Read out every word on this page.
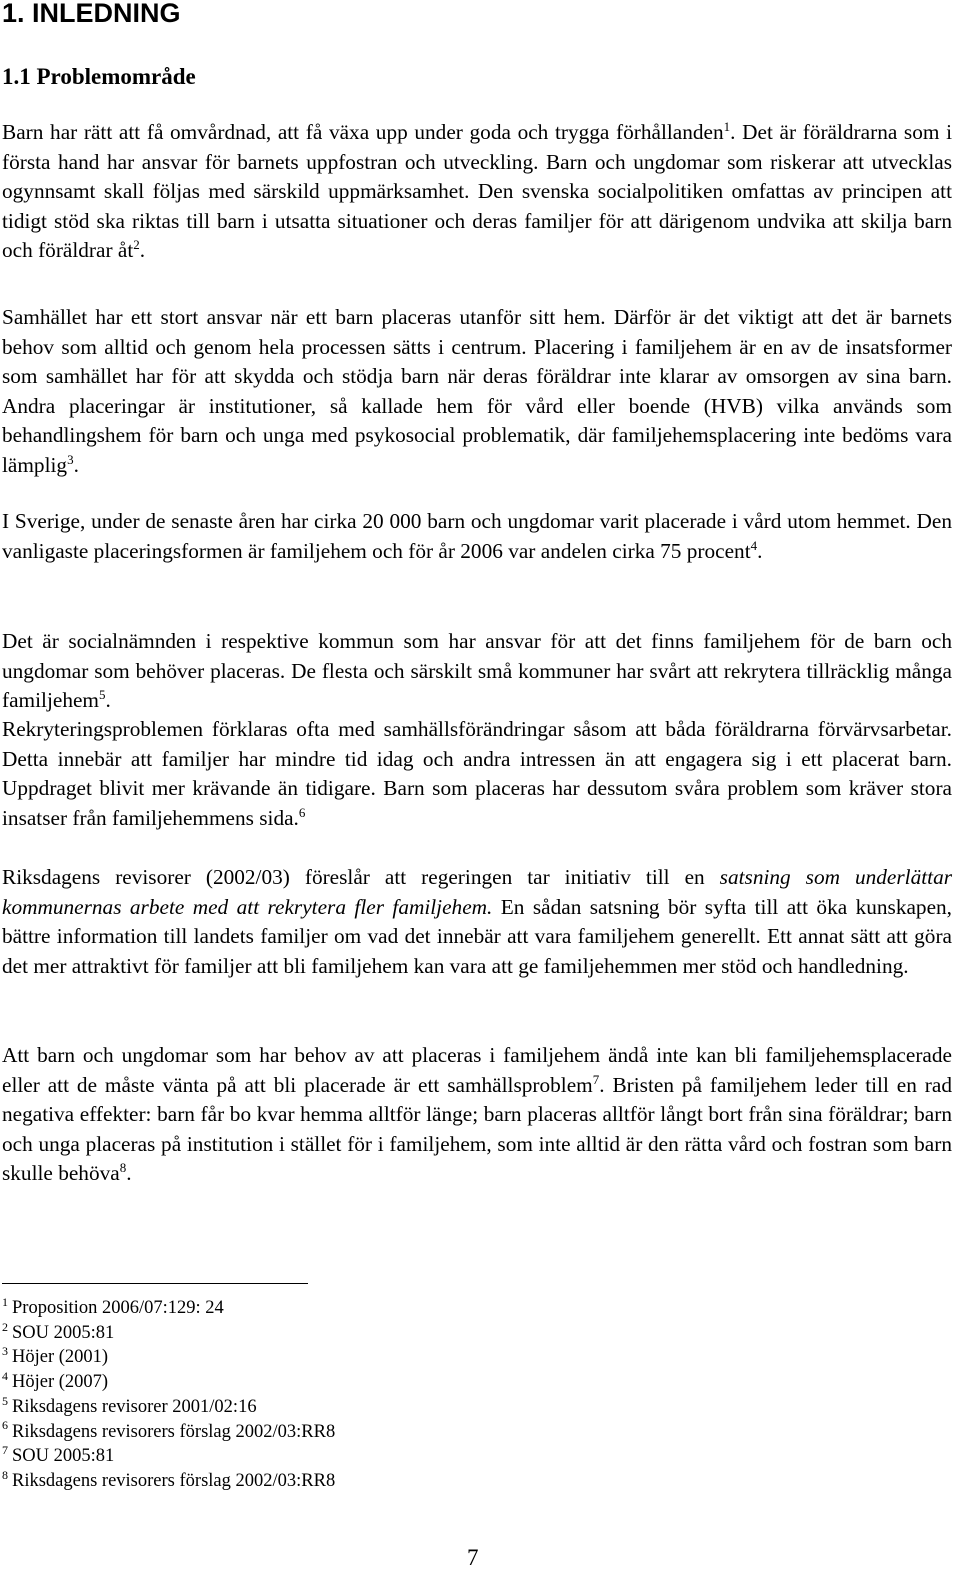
1. INLEDNING
1.1 Problemområde

Barn har rätt att få omvårdnad, att få växa upp under goda och trygga förhållanden$^1$. Det är föräldrarna som i första hand har ansvar för barnets uppfostran och utveckling. Barn och ungdomar som riskerar att utvecklas ogynnsamt skall följas med särskild uppmärksamhet. Den svenska socialpolitiken omfattas av principen att tidigt stöd ska riktas till barn i utsatta situationer och deras familjer för att därigenom undvika att skilja barn och föräldrar $åt^2$.

Samhället har ett stort ansvar när ett barn placeras utanför sitt hem. Därför är det viktigt att det är barnets behov som alltid och genom hela processen sätts i centrum. Placering i familjehem är en av de insatsformer som samhället har för att skydda och stödja barn när deras föräldrar inte klarar av omsorgen av sina barn. Andra placeringar är institutioner, så kallade hem för vård eller boende (HVB) vilka används som behandlingshem för barn och unga med psykosocial problematik, där familjehemsplacering inte bedöms vara lämplig$^3$.

I Sverige, under de senaste åren har cirka 20 000 barn och ungdomar varit placerade i vård utom hemmet. Den vanligaste placeringsformen är familjehem och för år 2006 var andelen cirka 75 procent$^4$.

Det är socialnämnden i respektive kommun som har ansvar för att det finns familjehem för de barn och ungdomar som behöver placeras. De flesta och särskilt små kommuner har svårt att rekrytera tillräcklig många familjehem$^5$.

Rekryteringsproblemen förklaras ofta med samhällsförändringar såsom att båda föräldrarna förvärvsarbetar. Detta innebär att familjer har mindre tid idag och andra intressen än att engagera sig i ett placerat barn. Uppdraget blivit mer krävande än tidigare. Barn som placeras har dessutom svåra problem som kräver stora insatser från familjehemmens sida.$^6$

Riksdagens revisorer (2002/03) föreslår att regeringen tar initiativ till en satsning som underlättar kommunernas arbete med att rekrytera fler familjehem. En sådan satsning bör syfta till att öka kunskapen, bättre information till landets familjer om vad det innebär att vara familjehem generellt. Ett annat sätt att göra det mer attraktivt för familjer att bli familjehem kan vara att ge familjehemmen mer stöd och handledning.

Att barn och ungdomar som har behov av att placeras i familjehem ändå inte kan bli familjehemsplacerade eller att de måste vänta på att bli placerade är ett samhällsproblem$^7$. Bristen på familjehem leder till en rad negativa effekter: barn får bo kvar hemma alltför länge; barn placeras alltför långt bort från sina föräldrar; barn och unga placeras på institution i stället för i familjehem, som inte alltid är den rätta vård och fostran som barn skulle behöva$^8$.

$^1$ Proposition 2006/07:129: 24
$^2$ SOU 2005:81
$^3$ Höjer (2001)
$^4$ Höjer (2007)
$^5$ Riksdagens revisorer 2001/02:16
$^6$ Riksdagens revisorers förslag 2002/03:RR8
$^7$ SOU 2005:81
$^8$ Riksdagens revisorers förslag 2002/03:RR8
7
